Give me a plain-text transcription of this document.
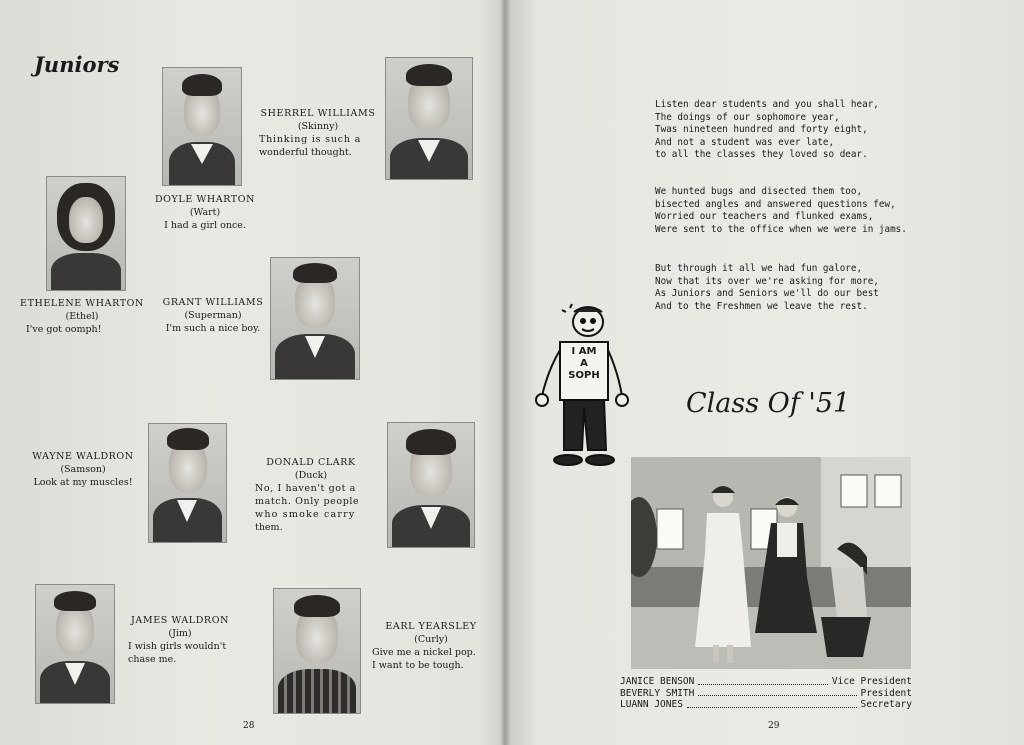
Juniors
SHERREL WILLIAMS
(Skinny)
Thinking is such a
wonderful thought.
DOYLE WHARTON
(Wart)
I had a girl once.
ETHELENE WHARTON
(Ethel)
I've got oomph!
GRANT WILLIAMS
(Superman)
I'm such a nice boy.
WAYNE WALDRON
(Samson)
Look at my muscles!
DONALD CLARK
(Duck)
No, I haven't got a
match. Only people
who smoke carry
them.
JAMES WALDRON
(Jim)
I wish girls wouldn't
chase me.
EARL YEARSLEY
(Curly)
Give me a nickel pop.
I want to be tough.
28
Listen dear students and you shall hear,
The doings of our sophomore year,
Twas nineteen hundred and forty eight,
And not a student was ever late,
to all the classes they loved so dear.
We hunted bugs and disected them too,
bisected angles and answered questions few,
Worried our teachers and flunked exams,
Were sent to the office when we were in jams.
But through it all we had fun galore,
Now that its over we're asking for more,
As Juniors and Seniors we'll do our best
And to the Freshmen we leave the rest.
I AM
A
SOPH
Class Of '51
JANICE BENSON	Vice President
BEVERLY SMITH	President
LUANN JONES	Secretary
29
